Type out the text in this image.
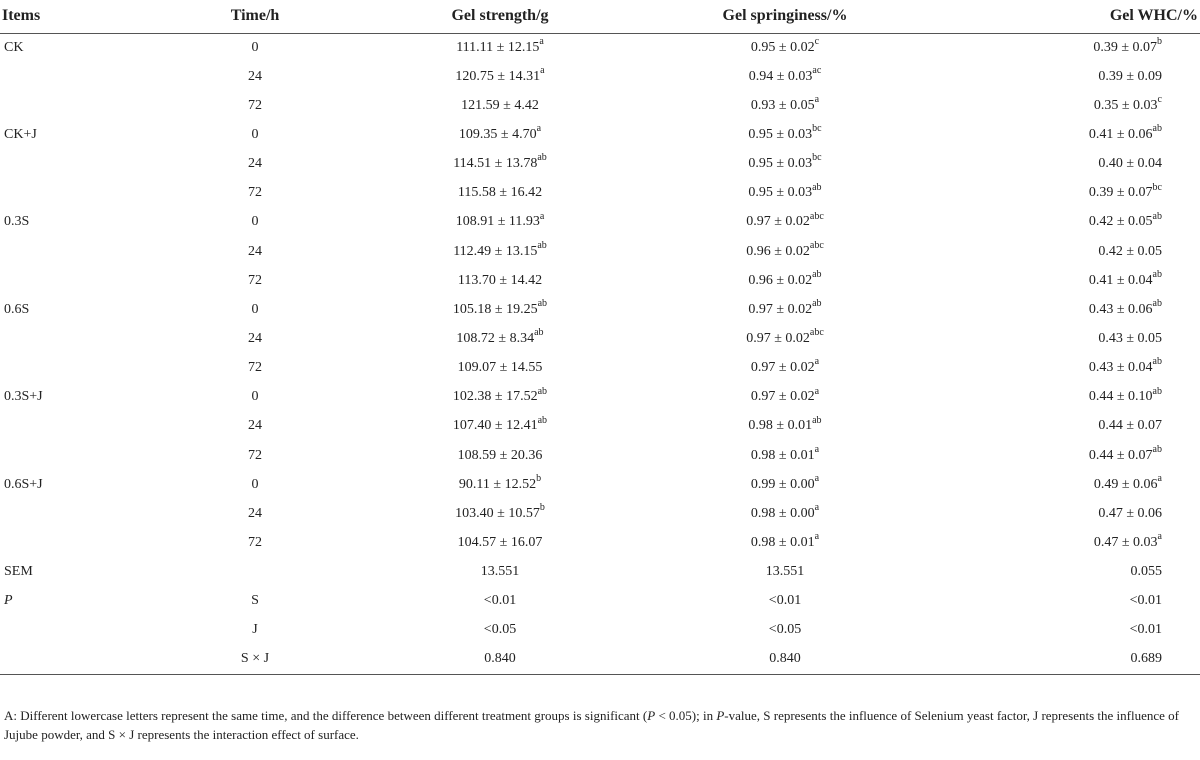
Items	Time/h	Gel strength/g	Gel springiness/%	Gel WHC/%
CK	0	111.11 ± 12.15$^a$	0.95 ± 0.02$^c$	0.39 ± 0.07$^b$
	24	120.75 ± 14.31$^a$	0.94 ± 0.03$^{ac}$	0.39 ± 0.09
	72	121.59 ± 4.42	0.93 ± 0.05$^a$	0.35 ± 0.03$^c$
CK+J	0	109.35 ± 4.70$^a$	0.95 ± 0.03$^{bc}$	0.41 ± 0.06$^{ab}$
	24	114.51 ± 13.78$^{ab}$	0.95 ± 0.03$^{bc}$	0.40 ± 0.04
	72	115.58 ± 16.42	0.95 ± 0.03$^{ab}$	0.39 ± 0.07$^{bc}$
0.3S	0	108.91 ± 11.93$^a$	0.97 ± 0.02$^{abc}$	0.42 ± 0.05$^{ab}$
	24	112.49 ± 13.15$^{ab}$	0.96 ± 0.02$^{abc}$	0.42 ± 0.05
	72	113.70 ± 14.42	0.96 ± 0.02$^{ab}$	0.41 ± 0.04$^{ab}$
0.6S	0	105.18 ± 19.25$^{ab}$	0.97 ± 0.02$^{ab}$	0.43 ± 0.06$^{ab}$
	24	108.72 ± 8.34$^{ab}$	0.97 ± 0.02$^{abc}$	0.43 ± 0.05
	72	109.07 ± 14.55	0.97 ± 0.02$^a$	0.43 ± 0.04$^{ab}$
0.3S+J	0	102.38 ± 17.52$^{ab}$	0.97 ± 0.02$^a$	0.44 ± 0.10$^{ab}$
	24	107.40 ± 12.41$^{ab}$	0.98 ± 0.01$^{ab}$	0.44 ± 0.07
	72	108.59 ± 20.36	0.98 ± 0.01$^a$	0.44 ± 0.07$^{ab}$
0.6S+J	0	90.11 ± 12.52$^b$	0.99 ± 0.00$^a$	0.49 ± 0.06$^a$
	24	103.40 ± 10.57$^b$	0.98 ± 0.00$^a$	0.47 ± 0.06
	72	104.57 ± 16.07	0.98 ± 0.01$^a$	0.47 ± 0.03$^a$
SEM		13.551	13.551	0.055
P	S	<0.01	<0.01	<0.01
	J	<0.05	<0.05	<0.01
	S × J	0.840	0.840	0.689
A: Different lowercase letters represent the same time, and the difference between different treatment groups is significant (P < 0.05); in P-value, S represents the influence of Selenium yeast factor, J represents the influence of Jujube powder, and S × J represents the interaction effect of surface.
